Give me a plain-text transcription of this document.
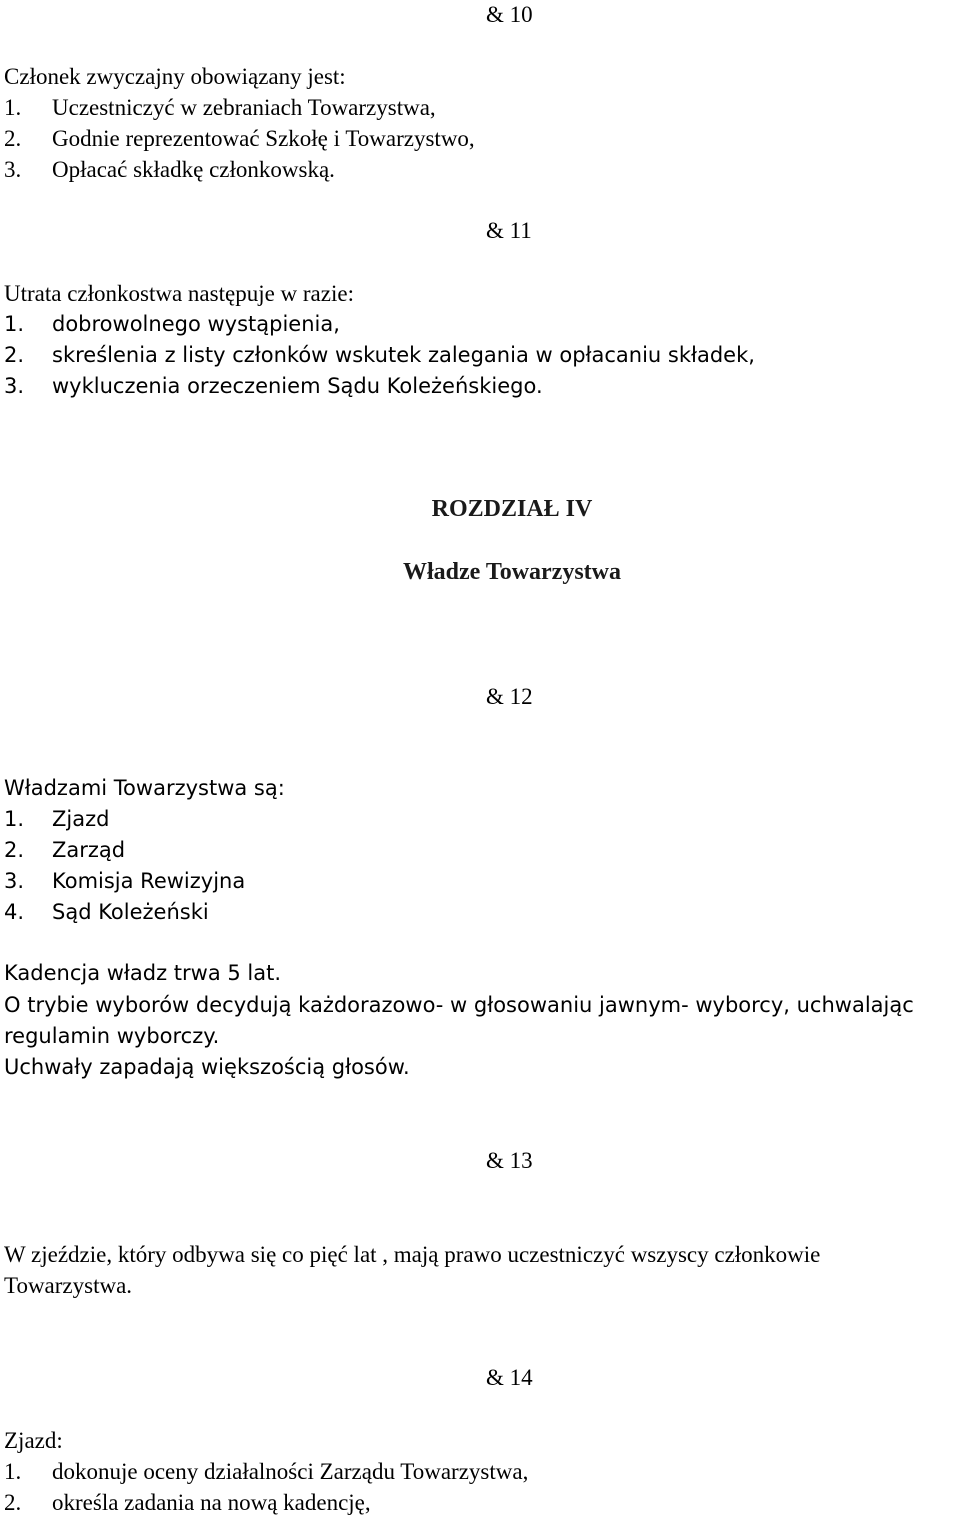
& 10
Członek zwyczajny obowiązany jest:
1. Uczestniczyć w zebraniach Towarzystwa,
2. Godnie reprezentować Szkołę i Towarzystwo,
3. Opłacać składkę członkowską.
& 11
Utrata członkostwa następuje w razie:
1. dobrowolnego wystąpienia,
2. skreślenia z listy członków wskutek zalegania w opłacaniu składek,
3. wykluczenia orzeczeniem Sądu Koleżeńskiego.
ROZDZIAŁ IV
Władze Towarzystwa
& 12
Władzami Towarzystwa są:
1. Zjazd
2. Zarząd
3. Komisja Rewizyjna
4. Sąd Koleżeński
Kadencja władz trwa 5 lat.
O trybie wyborów decydują każdorazowo- w głosowaniu jawnym- wyborcy, uchwalając
regulamin wyborczy.
Uchwały zapadają większością głosów.
& 13
W zjeździe, który odbywa się co pięć lat , mają prawo uczestniczyć wszyscy członkowie
Towarzystwa.
& 14
Zjazd:
1. dokonuje oceny działalności Zarządu Towarzystwa,
2. określa zadania na nową kadencję,
